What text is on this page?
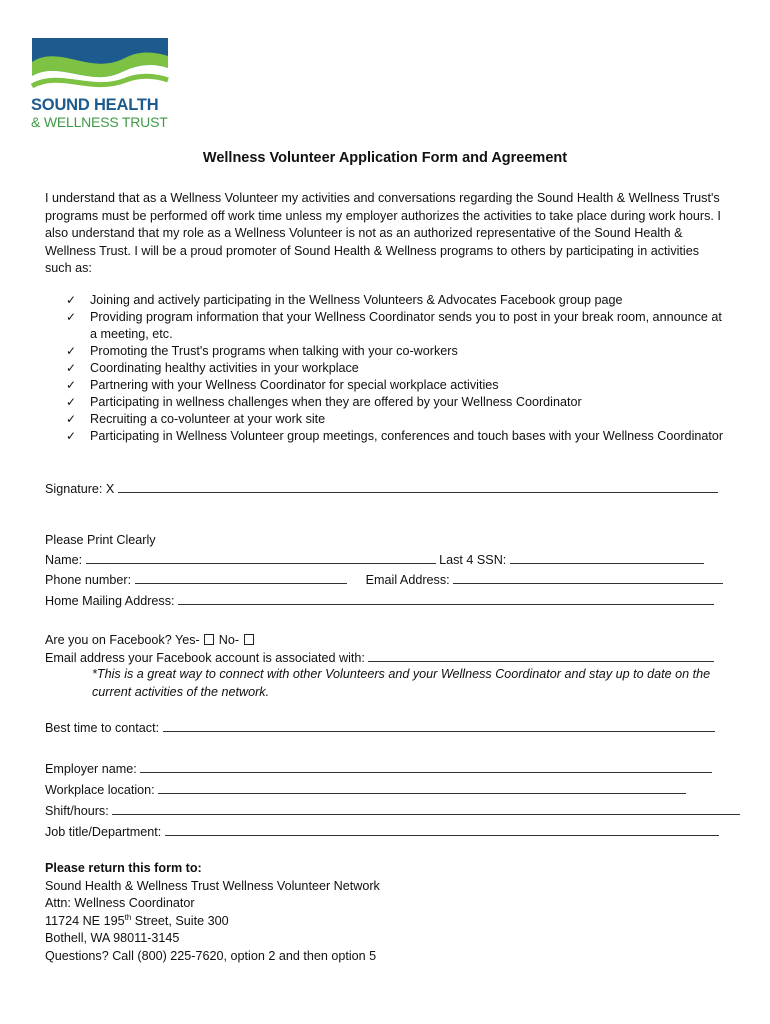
SOUND HEALTH
& WELLNESS TRUST
Wellness Volunteer Application Form and Agreement
I understand that as a Wellness Volunteer my activities and conversations regarding the Sound Health & Wellness Trust's
programs must be performed off work time unless my employer authorizes the activities to take place during work hours. I
also understand that my role as a Wellness Volunteer is not as an authorized representative of the Sound Health &
Wellness Trust. I will be a proud promoter of Sound Health & Wellness programs to others by participating in activities
such as:
✓ Joining and actively participating in the Wellness Volunteers & Advocates Facebook group page
✓ Providing program information that your Wellness Coordinator sends you to post in your break room, announce at
a meeting, etc.
✓ Promoting the Trust's programs when talking with your co-workers
✓ Coordinating healthy activities in your workplace
✓ Partnering with your Wellness Coordinator for special workplace activities
✓ Participating in wellness challenges when they are offered by your Wellness Coordinator
✓ Recruiting a co-volunteer at your work site
✓ Participating in Wellness Volunteer group meetings, conferences and touch bases with your Wellness Coordinator
Signature: X
Please Print Clearly
Name:	Last 4 SSN:
Phone number:	Email Address:
Home Mailing Address:
Are you on Facebook? Yes- No-
Email address your Facebook account is associated with:
*This is a great way to connect with other Volunteers and your Wellness Coordinator and stay up to date on the
current activities of the network.
Best time to contact:
Employer name:
Workplace location:
Shift/hours:
Job title/Department:
Please return this form to:
Sound Health & Wellness Trust Wellness Volunteer Network
Attn: Wellness Coordinator
11724 NE 195th Street, Suite 300
Bothell, WA 98011-3145
Questions? Call (800) 225-7620, option 2 and then option 5
